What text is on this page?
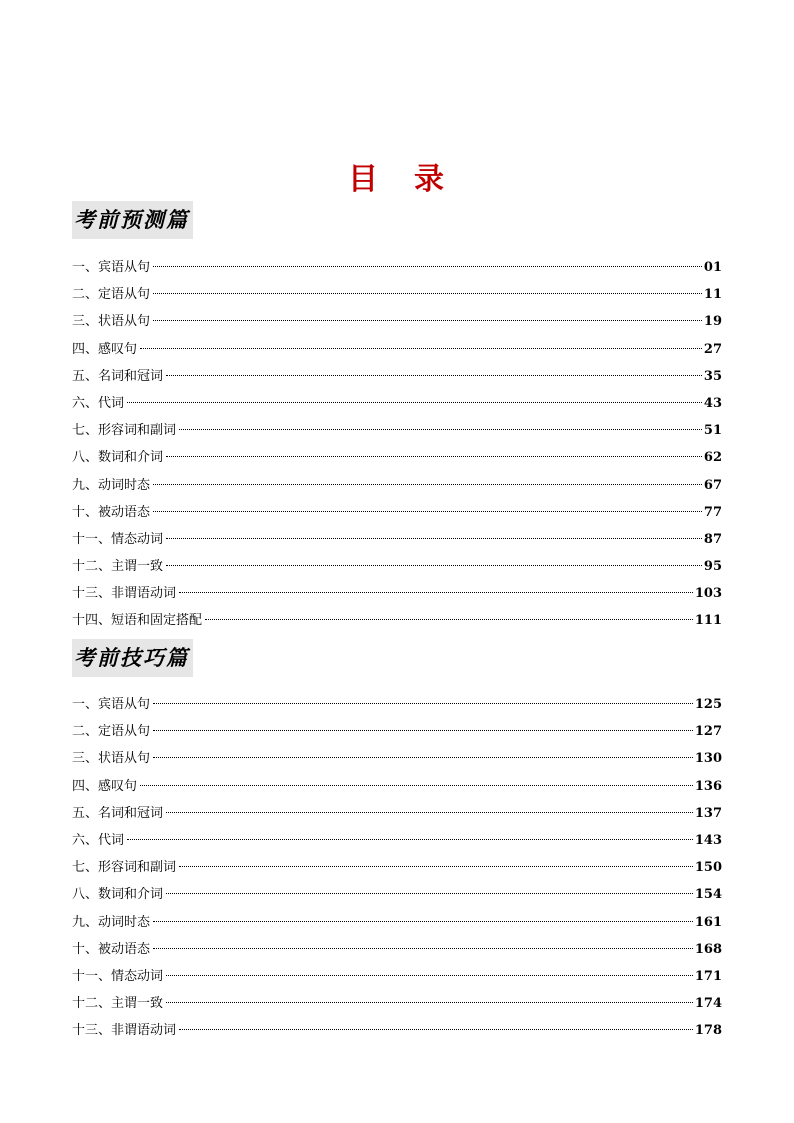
目 录
考前预测篇
一、宾语从句	01
二、定语从句	11
三、状语从句	19
四、感叹句	27
五、名词和冠词	35
六、代词	43
七、形容词和副词	51
八、数词和介词	62
九、动词时态	67
十、被动语态	77
十一、情态动词	87
十二、主谓一致	95
十三、非谓语动词	103
十四、短语和固定搭配	111
考前技巧篇
一、宾语从句	125
二、定语从句	127
三、状语从句	130
四、感叹句	136
五、名词和冠词	137
六、代词	143
七、形容词和副词	150
八、数词和介词	154
九、动词时态	161
十、被动语态	168
十一、情态动词	171
十二、主谓一致	174
十三、非谓语动词	178
